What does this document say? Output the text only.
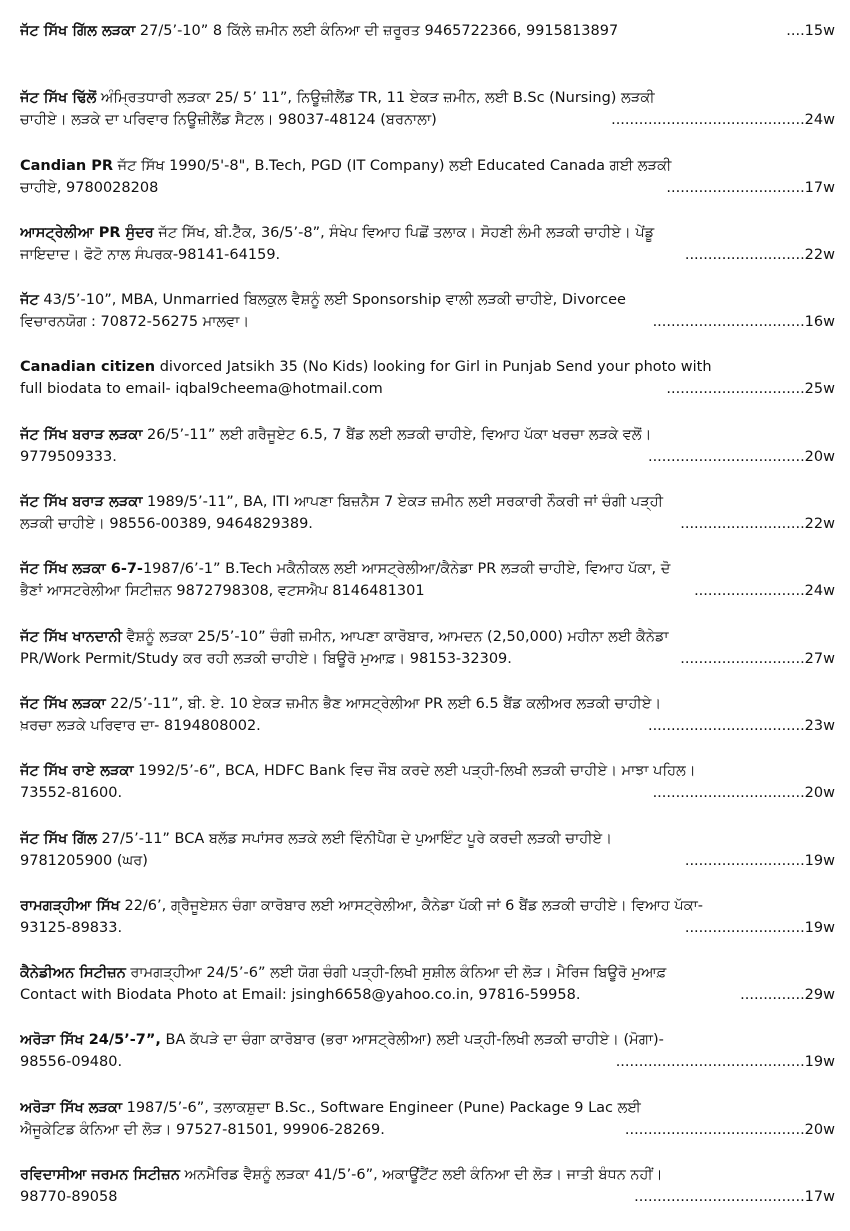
ਜੱਟ ਸਿੱਖ ਗਿੱਲ ਲੜਕਾ 27/5’-10” 8 ਕਿੱਲੇ ਜ਼ਮੀਨ ਲਈ ਕੰਨਿਆ ਦੀ ਜ਼ਰੂਰਤ 9465722366, 9915813897	....15w
ਜੱਟ ਸਿੱਖ ਢਿੱਲੋਂ ਅੰਮ੍ਰਿਤਧਾਰੀ ਲੜਕਾ 25/ 5’ 11”, ਨਿਊਜ਼ੀਲੈਂਡ TR, 11 ਏਕੜ ਜ਼ਮੀਨ, ਲਈ B.Sc (Nursing) ਲੜਕੀ
ਚਾਹੀਏ। ਲੜਕੇ ਦਾ ਪਰਿਵਾਰ ਨਿਊਜ਼ੀਲੈਂਡ ਸੈਟਲ। 98037-48124 (ਬਰਨਾਲਾ)	..........................................24w
Candian PR ਜੱਟ ਸਿੱਖ 1990/5'-8", B.Tech, PGD (IT Company) ਲਈ Educated Canada ਗਈ ਲੜਕੀ
ਚਾਹੀਏ, 9780028208	..............................17w
ਆਸਟ੍ਰੇਲੀਆ PR ਸੁੰਦਰ ਜੱਟ ਸਿੱਖ, ਬੀ.ਟੈੱਕ, 36/5’-8”, ਸੰਖੇਪ ਵਿਆਹ ਪਿਛੋਂ ਤਲਾਕ। ਸੋਹਣੀ ਲੰਮੀ ਲੜਕੀ ਚਾਹੀਏ। ਪੇਂਡੂ
ਜਾਇਦਾਦ। ਫੋਟੋ ਨਾਲ ਸੰਪਰਕ-98141-64159.	..........................22w
ਜੱਟ 43/5’-10”, MBA, Unmarried ਬਿਲਕੁਲ ਵੈਸ਼ਨੂੰ ਲਈ Sponsorship ਵਾਲੀ ਲੜਕੀ ਚਾਹੀਏ, Divorcee
ਵਿਚਾਰਨਯੋਗ : 70872-56275 ਮਾਲਵਾ।	.................................16w
Canadian citizen divorced Jatsikh 35 (No Kids) looking for Girl in Punjab Send your photo with
full biodata to email- iqbal9cheema@hotmail.com	..............................25w
ਜੱਟ ਸਿੱਖ ਬਰਾੜ ਲੜਕਾ 26/5’-11” ਲਈ ਗਰੈਜੂਏਟ 6.5, 7 ਬੈਂਡ ਲਈ ਲੜਕੀ ਚਾਹੀਏ, ਵਿਆਹ ਪੱਕਾ ਖਰਚਾ ਲੜਕੇ ਵਲੋਂ।
9779509333.	..................................20w
ਜੱਟ ਸਿੱਖ ਬਰਾੜ ਲੜਕਾ 1989/5’-11”, BA, ITI ਆਪਣਾ ਬਿਜ਼ਨੈਸ 7 ਏਕੜ ਜ਼ਮੀਨ ਲਈ ਸਰਕਾਰੀ ਨੌਕਰੀ ਜਾਂ ਚੰਗੀ ਪੜ੍ਹੀ
ਲੜਕੀ ਚਾਹੀਏ। 98556-00389, 9464829389.	...........................22w
ਜੱਟ ਸਿੱਖ ਲੜਕਾ 6-7-1987/6’-1” B.Tech ਮਕੈਨੀਕਲ ਲਈ ਆਸਟ੍ਰੇਲੀਆ/ਕੈਨੇਡਾ PR ਲੜਕੀ ਚਾਹੀਏ, ਵਿਆਹ ਪੱਕਾ, ਦੋ
ਭੈਣਾਂ ਆਸਟਰੇਲੀਆ ਸਿਟੀਜ਼ਨ 9872798308, ਵਟਸਐਪ 8146481301	........................24w
ਜੱਟ ਸਿੱਖ ਖਾਨਦਾਨੀ ਵੈਸ਼ਨੂੰ ਲੜਕਾ 25/5’-10” ਚੰਗੀ ਜ਼ਮੀਨ, ਆਪਣਾ ਕਾਰੋਬਾਰ, ਆਮਦਨ (2,50,000) ਮਹੀਨਾ ਲਈ ਕੈਨੇਡਾ
PR/Work Permit/Study ਕਰ ਰਹੀ ਲੜਕੀ ਚਾਹੀਏ। ਬਿਊਰੋ ਮੁਆਫ਼। 98153-32309.	...........................27w
ਜੱਟ ਸਿੱਖ ਲੜਕਾ 22/5’-11”, ਬੀ. ਏ. 10 ਏਕੜ ਜ਼ਮੀਨ ਭੈਣ ਆਸਟ੍ਰੇਲੀਆ PR ਲਈ 6.5 ਬੈਂਡ ਕਲੀਅਰ ਲੜਕੀ ਚਾਹੀਏ।
ਖ਼ਰਚਾ ਲੜਕੇ ਪਰਿਵਾਰ ਦਾ- 8194808002.	..................................23w
ਜੱਟ ਸਿੱਖ ਰਾਏ ਲੜਕਾ 1992/5’-6”, BCA, HDFC Bank ਵਿਚ ਜੌਬ ਕਰਦੇ ਲਈ ਪੜ੍ਹੀ-ਲਿਖੀ ਲੜਕੀ ਚਾਹੀਏ। ਮਾਝਾ ਪਹਿਲ।
73552-81600.	.................................20w
ਜੱਟ ਸਿੱਖ ਗਿੱਲ 27/5’-11” BCA ਬਲੱਡ ਸਪਾਂਸਰ ਲੜਕੇ ਲਈ ਵਿੰਨੀਪੈਗ ਦੇ ਪੁਆਇੰਟ ਪੂਰੇ ਕਰਦੀ ਲੜਕੀ ਚਾਹੀਏ।
9781205900 (ਘਰ)	..........................19w
ਰਾਮਗੜ੍ਹੀਆ ਸਿੱਖ 22/6’, ਗ੍ਰੈਜੂਏਸ਼ਨ ਚੰਗਾ ਕਾਰੋਬਾਰ ਲਈ ਆਸਟ੍ਰੇਲੀਆ, ਕੈਨੇਡਾ ਪੱਕੀ ਜਾਂ 6 ਬੈਂਡ ਲੜਕੀ ਚਾਹੀਏ। ਵਿਆਹ ਪੱਕਾ-
93125-89833.	..........................19w
ਕੈਨੇਡੀਅਨ ਸਿਟੀਜ਼ਨ ਰਾਮਗੜ੍ਹੀਆ 24/5’-6” ਲਈ ਯੋਗ ਚੰਗੀ ਪੜ੍ਹੀ-ਲਿਖੀ ਸੁਸ਼ੀਲ ਕੰਨਿਆ ਦੀ ਲੋੜ। ਮੈਰਿਜ ਬਿਊਰੋ ਮੁਆਫ਼
Contact with Biodata Photo at Email: jsingh6658@yahoo.co.in, 97816-59958.	..............29w
ਅਰੋੜਾ ਸਿੱਖ 24/5’-7”, BA ਕੱਪੜੇ ਦਾ ਚੰਗਾ ਕਾਰੋਬਾਰ (ਭਰਾ ਆਸਟ੍ਰੇਲੀਆ) ਲਈ ਪੜ੍ਹੀ-ਲਿਖੀ ਲੜਕੀ ਚਾਹੀਏ। (ਮੋਗਾ)-
98556-09480.	.........................................19w
ਅਰੋੜਾ ਸਿੱਖ ਲੜਕਾ 1987/5’-6”, ਤਲਾਕਸ਼ੁਦਾ B.Sc., Software Engineer (Pune) Package 9 Lac ਲਈ
ਐਜੂਕੇਟਿਡ ਕੰਨਿਆ ਦੀ ਲੋੜ। 97527-81501, 99906-28269.	.......................................20w
ਰਵਿਦਾਸੀਆ ਜਰਮਨ ਸਿਟੀਜ਼ਨ ਅਨਮੈਰਿਡ ਵੈਸ਼ਨੂੰ ਲੜਕਾ 41/5’-6”, ਅਕਾਊਂਟੈਂਟ ਲਈ ਕੰਨਿਆ ਦੀ ਲੋੜ। ਜਾਤੀ ਬੰਧਨ ਨਹੀਂ।
98770-89058	.....................................17w
